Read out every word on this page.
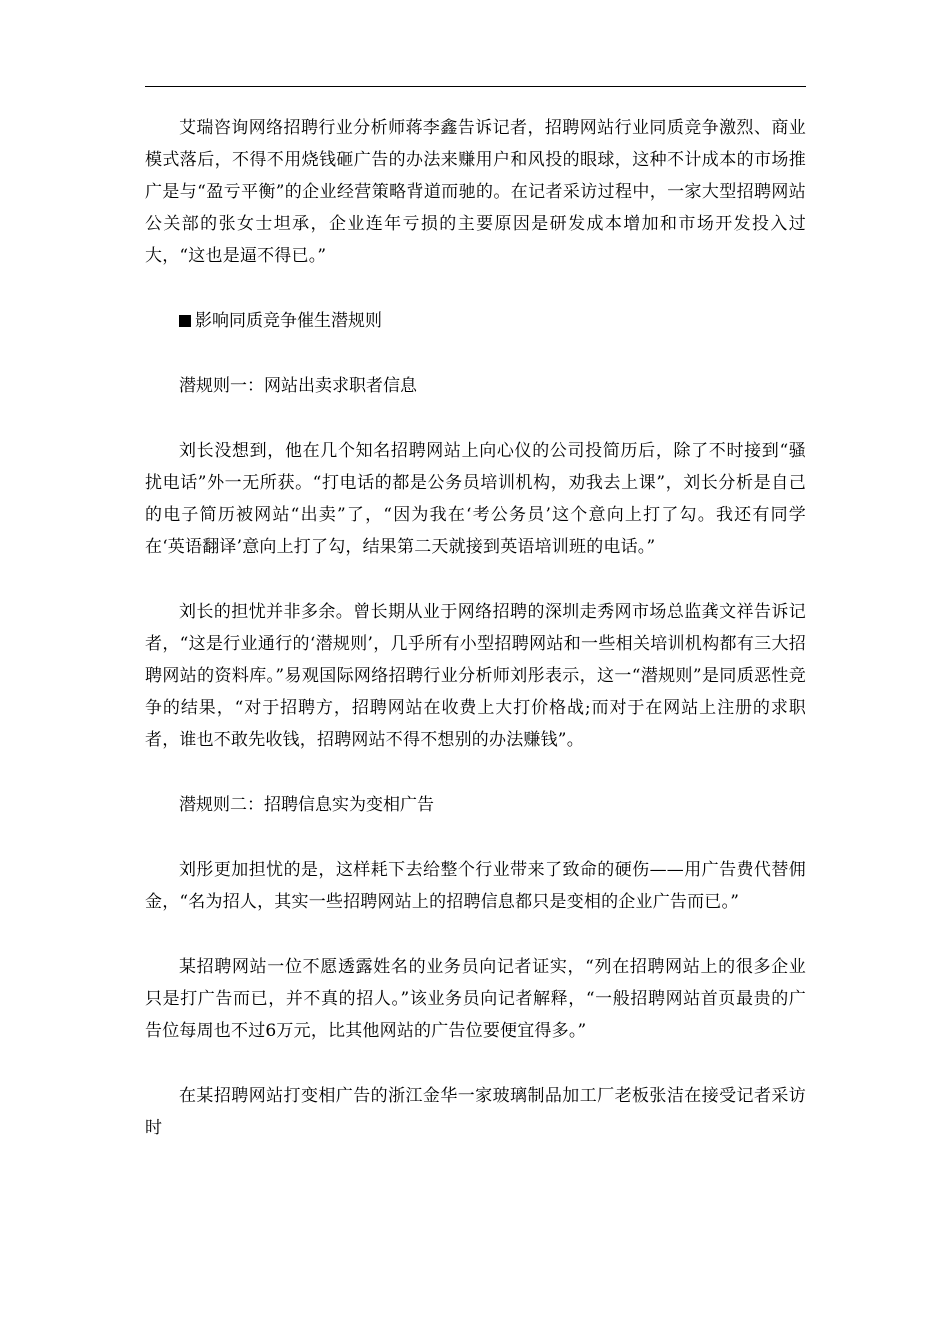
艾瑞咨询网络招聘行业分析师蒋李鑫告诉记者，招聘网站行业同质竞争激烈、商业模式落后，不得不用烧钱砸广告的办法来赚用户和风投的眼球，这种不计成本的市场推广是与“盈亏平衡”的企业经营策略背道而驰的。在记者采访过程中，一家大型招聘网站公关部的张女士坦承，企业连年亏损的主要原因是研发成本增加和市场开发投入过大，“这也是逼不得已。”

影响同质竞争催生潜规则

潜规则一：网站出卖求职者信息

刘长没想到，他在几个知名招聘网站上向心仪的公司投简历后，除了不时接到“骚扰电话”外一无所获。“打电话的都是公务员培训机构，劝我去上课”，刘长分析是自己的电子简历被网站“出卖”了，“因为我在‘考公务员’这个意向上打了勾。我还有同学在‘英语翻译’意向上打了勾，结果第二天就接到英语培训班的电话。”

刘长的担忧并非多余。曾长期从业于网络招聘的深圳走秀网市场总监龚文祥告诉记者，“这是行业通行的‘潜规则’，几乎所有小型招聘网站和一些相关培训机构都有三大招聘网站的资料库。”易观国际网络招聘行业分析师刘彤表示，这一“潜规则”是同质恶性竞争的结果，“对于招聘方，招聘网站在收费上大打价格战;而对于在网站上注册的求职者，谁也不敢先收钱，招聘网站不得不想别的办法赚钱”。

潜规则二：招聘信息实为变相广告

刘彤更加担忧的是，这样耗下去给整个行业带来了致命的硬伤——用广告费代替佣金，“名为招人，其实一些招聘网站上的招聘信息都只是变相的企业广告而已。”

某招聘网站一位不愿透露姓名的业务员向记者证实，“列在招聘网站上的很多企业只是打广告而已，并不真的招人。”该业务员向记者解释，“一般招聘网站首页最贵的广告位每周也不过6万元，比其他网站的广告位要便宜得多。”

在某招聘网站打变相广告的浙江金华一家玻璃制品加工厂老板张洁在接受记者采访时
